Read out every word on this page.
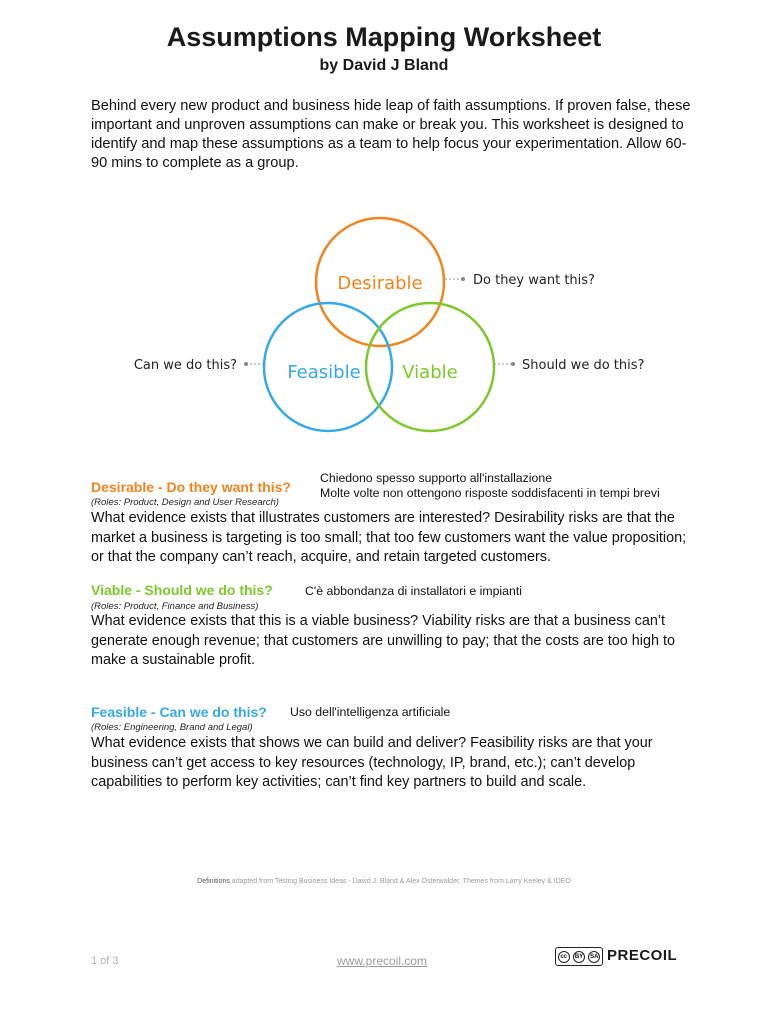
Assumptions Mapping Worksheet
by David J Bland
Behind every new product and business hide leap of faith assumptions. If proven false, these important and unproven assumptions can make or break you. This worksheet is designed to identify and map these assumptions as a team to help focus your experimentation. Allow 60-90 mins to complete as a group.
Desirable
Feasible Viable
Do they want this?
Can we do this?	Should we do this?
Desirable - Do they want this?
Chiedono spesso supporto all'installazione
Molte volte non ottengono risposte soddisfacenti in tempi brevi
(Roles: Product, Design and User Research)
What evidence exists that illustrates customers are interested? Desirability risks are that the market a business is targeting is too small; that too few customers want the value proposition; or that the company can’t reach, acquire, and retain targeted customers.
Viable - Should we do this?	C'è abbondanza di installatori e impianti
(Roles: Product, Finance and Business)
What evidence exists that this is a viable business? Viability risks are that a business can’t generate enough revenue; that customers are unwilling to pay; that the costs are too high to make a sustainable profit.
Feasible - Can we do this? Uso dell'intelligenza artificiale
(Roles: Engineering, Brand and Legal)
What evidence exists that shows we can build and deliver? Feasibility risks are that your business can’t get access to key resources (technology, IP, brand, etc.); can’t develop capabilities to perform key activities; can’t find key partners to build and scale.
Definitions adapted from Testing Business Ideas - David J. Bland & Alex Osterwalder, Themes from Larry Keeley & IDEO
1 of 3	www.precoil.com	cc	BY	SA PRECOIL
